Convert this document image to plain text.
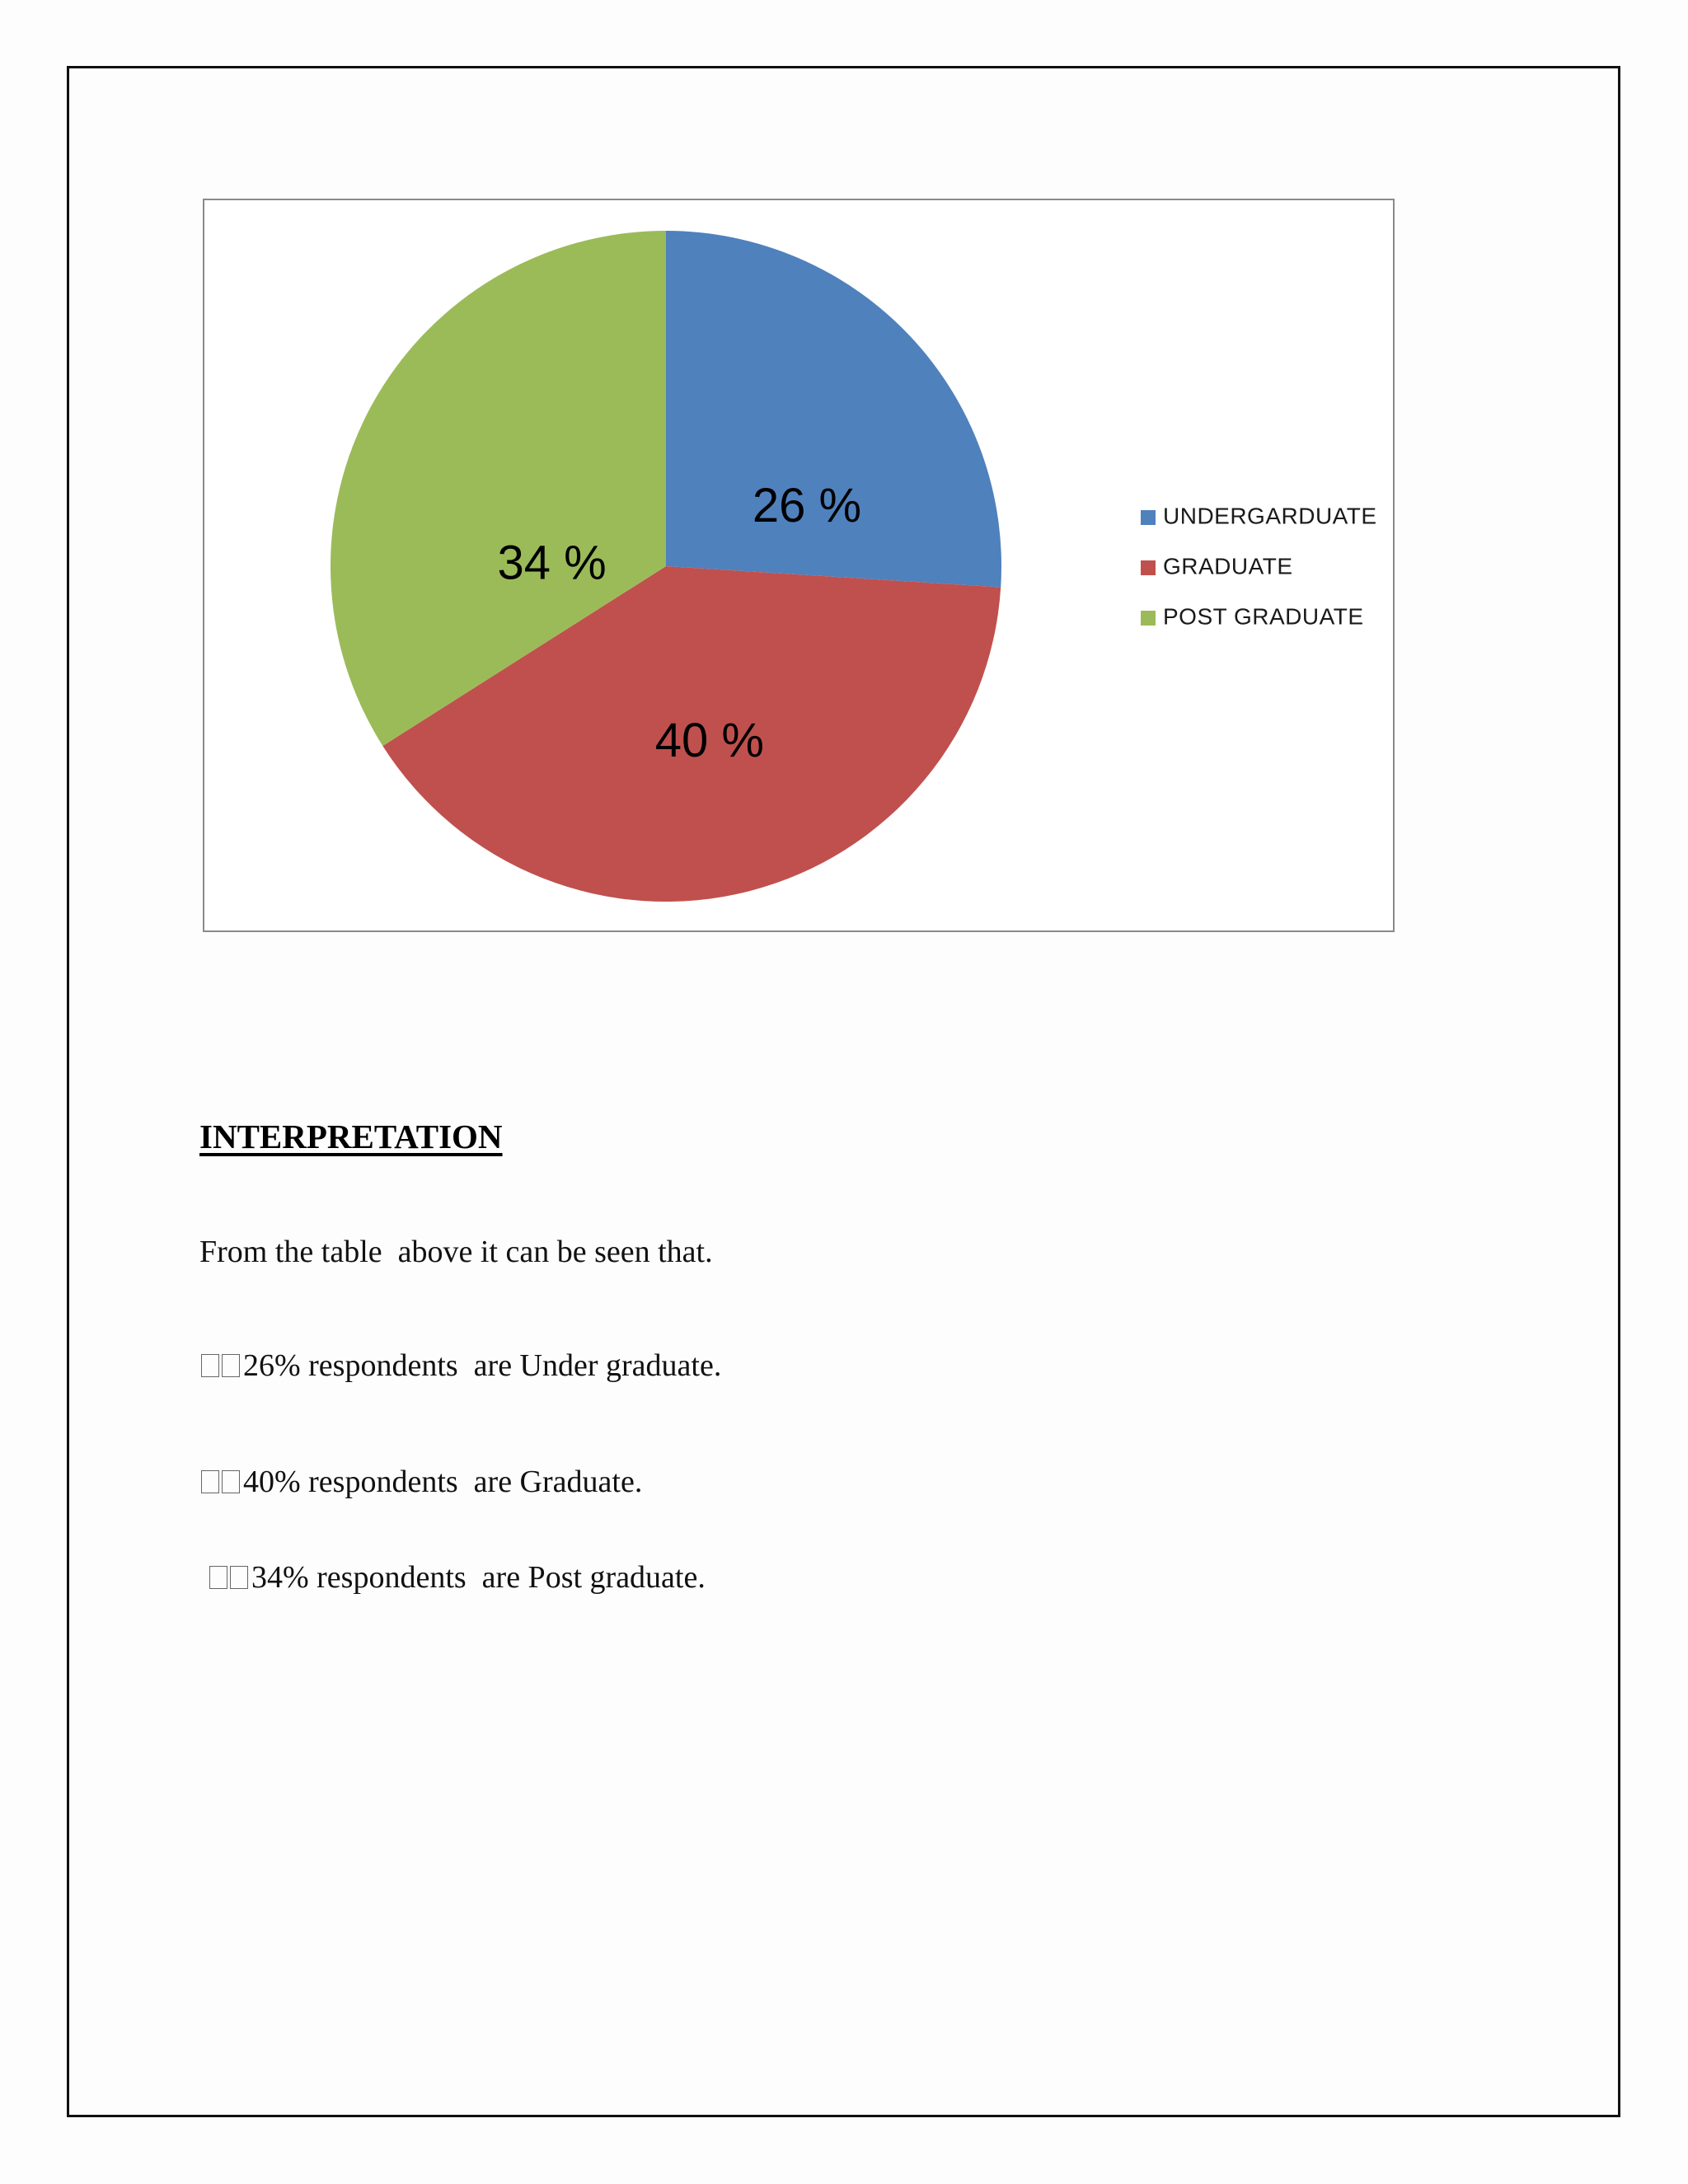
26 %
40 %
34 %
UNDERGARDUATE
GRADUATE
POST GRADUATE
INTERPRETATION
From the table  above it can be seen that.
26% respondents  are Under graduate.
40% respondents  are Graduate.
34% respondents  are Post graduate.
